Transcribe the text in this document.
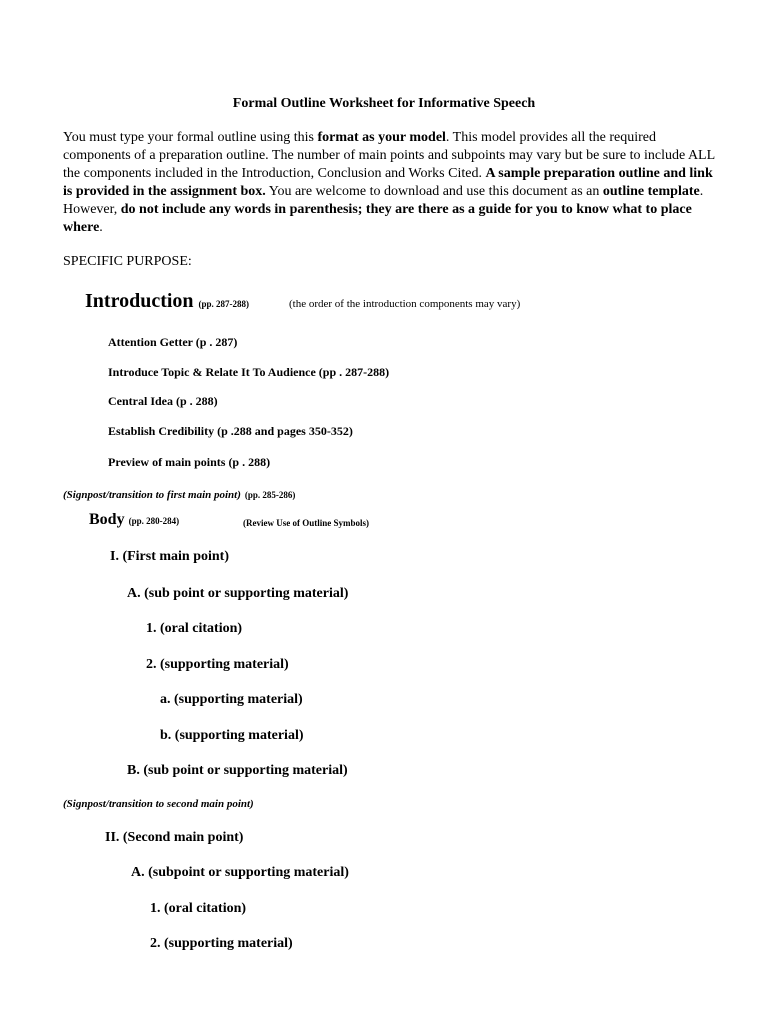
Formal Outline Worksheet for Informative Speech

You must type your formal outline using this format as your model. This model provides all the required components of a preparation outline. The number of main points and subpoints may vary but be sure to include ALL the components included in the Introduction, Conclusion and Works Cited. A sample preparation outline and link is provided in the assignment box. You are welcome to download and use this document as an outline template. However, do not include any words in parenthesis; they are there as a guide for you to know what to place where.

SPECIFIC PURPOSE:
Introduction (pp. 287-288)	(the order of the introduction components may vary)
Attention Getter (p . 287)
Introduce Topic & Relate It To Audience (pp . 287-288)
Central Idea (p . 288)
Establish Credibility (p .288 and pages 350-352)
Preview of main points (p . 288)
(Signpost/transition to first main point) (pp. 285-286)
Body (pp. 280-284)	(Review Use of Outline Symbols)
I. (First main point)
A. (sub point or supporting material)
1. (oral citation)
2. (supporting material)
a. (supporting material)
b. (supporting material)
B. (sub point or supporting material)
(Signpost/transition to second main point)
II. (Second main point)
A. (subpoint or supporting material)
1. (oral citation)
2. (supporting material)
